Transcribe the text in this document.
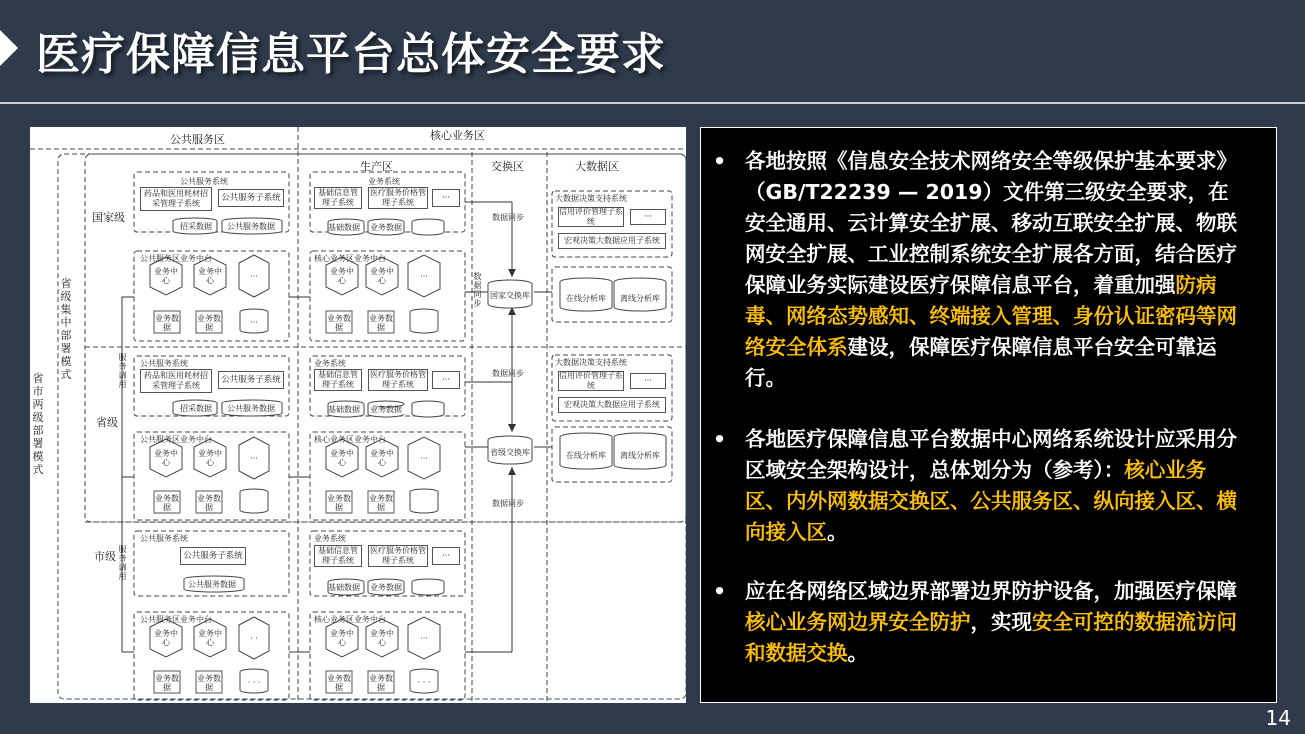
医疗保障信息平台总体安全要求
公共服务区	核心业务区
生产区	交换区	大数据区
省市两级部署模式
省级集中部署模式
国家级
省级
市级
服务调用
服务调用
公共服务系统
药品和医用耗材招采管理子系统
公共服务子系统
招采数据 公共服务数据
公共服务区业务中台
业务中心
业务中心	···
业务数据
业务数据
···
业务系统
基础信息管理子系统
医疗服务价格管理子系统	···
基础数据 业务数据
核心业务区业务中台
业务中心
业务中心	···
业务数据
业务数据
数据同步
数据同步
国家交换库
大数据决策支持系统
信用评价管理子系统	···
宏观决策大数据应用子系统
在线分析库	离线分析库
公共服务系统
药品和医用耗材招采管理子系统
公共服务子系统
招采数据 公共服务数据
公共服务区业务中台
业务中心
业务中心	···
业务数据
业务数据
业务系统
基础信息管理子系统
医疗服务价格管理子系统	···
基础数据 业务数据
核心业务区业务中台
业务中心
业务中心	···
业务数据
业务数据
数据同步
省级交换库
数据同步
大数据决策支持系统
信用评价管理子系统	···
宏观决策大数据应用子系统
在线分析库	离线分析库
公共服务系统
公共服务子系统
公共服务数据
公共服务区业务中台
业务中心
业务中心	· ·
业务数据
业务数据
· · ·
业务系统
基础信息管理子系统
医疗服务价格管理子系统	···
基础数据 业务数据
核心业务区业务中台
业务中心
业务中心	···
业务数据
业务数据
· · ·
• 各地按照《信息安全技术网络安全等级保护基本要求》（GB/T22239 — 2019）文件第三级安全要求，在安全通用、云计算安全扩展、移动互联安全扩展、物联网安全扩展、工业控制系统安全扩展各方面，结合医疗保障业务实际建设医疗保障信息平台，着重加强防病毒、网络态势感知、终端接入管理、身份认证密码等网络安全体系建设，保障医疗保障信息平台安全可靠运行。
• 各地医疗保障信息平台数据中心网络系统设计应采用分区域安全架构设计，总体划分为（参考）：核心业务区、内外网数据交换区、公共服务区、纵向接入区、横向接入区。
• 应在各网络区域边界部署边界防护设备，加强医疗保障核心业务网边界安全防护，实现安全可控的数据流访问和数据交换。
14
